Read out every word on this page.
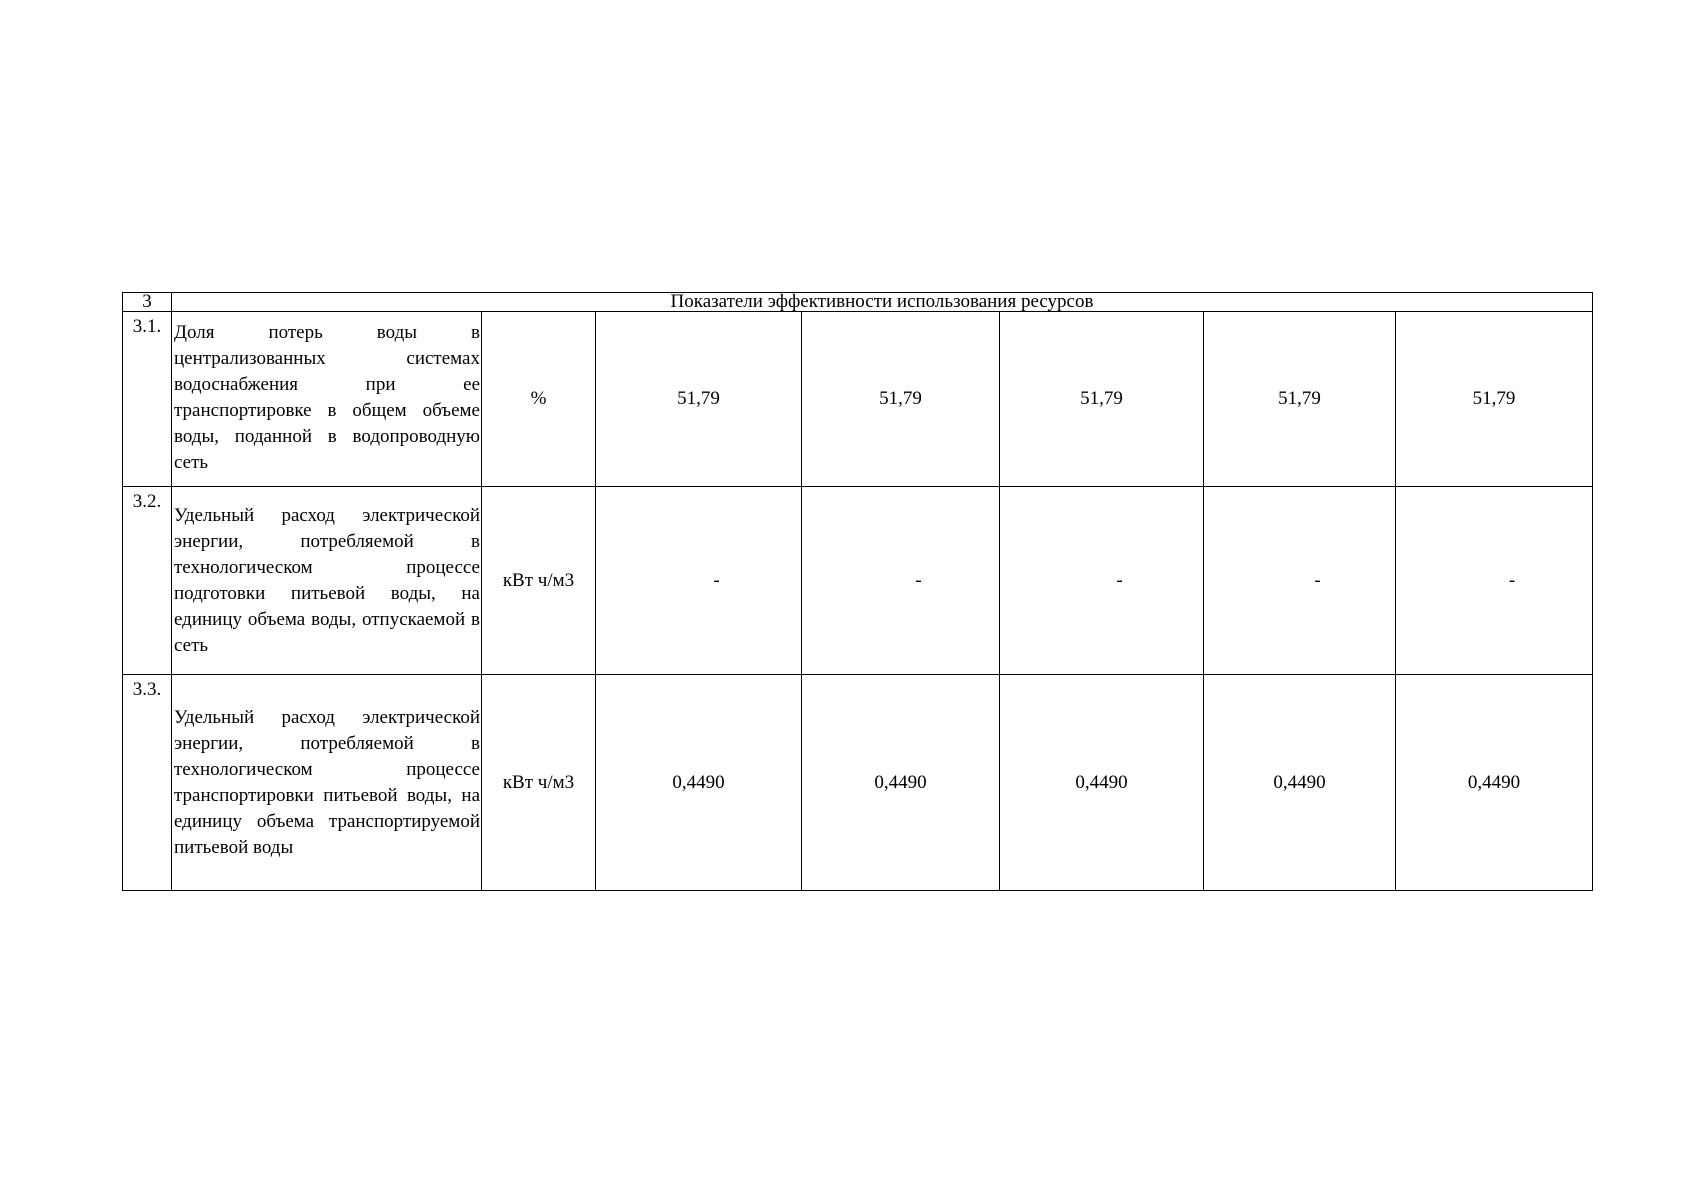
3	Показатели эффективности использования ресурсов						
3.1.	Доля потерь воды в централизованных системах водоснабжения при ее транспортировке в общем объеме воды, поданной в водопроводную сеть	%	51,79	51,79	51,79	51,79	51,79
3.2.	Удельный расход электрической энергии, потребляемой в технологическом процессе подготовки питьевой воды, на единицу объема воды, отпускаемой в сеть	кВт ч/м3	-	-	-	-	-
3.3.	Удельный расход электрической энергии, потребляемой в технологическом процессе транспортировки питьевой воды, на единицу объема транспортируемой питьевой воды	кВт ч/м3	0,4490	0,4490	0,4490	0,4490	0,4490
